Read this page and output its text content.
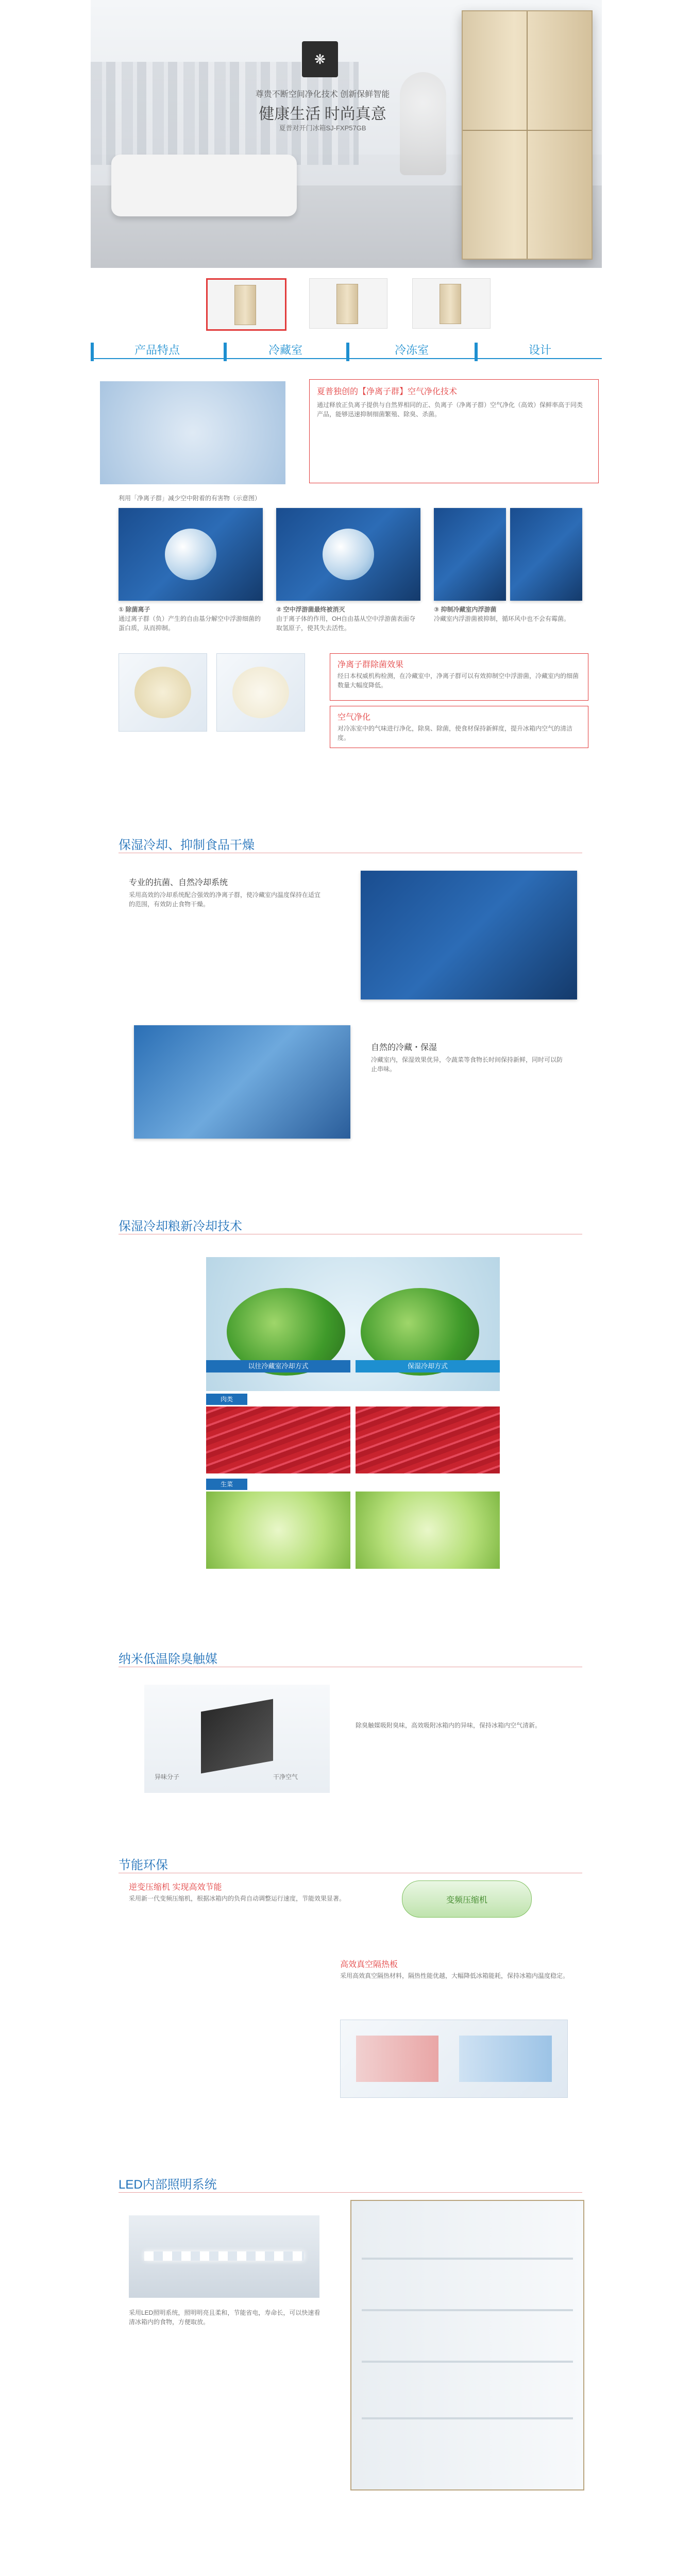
❋
尊贵不断空间净化技术 创新保鲜智能
健康生活 时尚真意
夏普对开门冰箱SJ-FXP57GB
产品特点	冷藏室	冷冻室	设计
夏普独创的【净离子群】空气净化技术
通过释放正负离子提供与自然界相同的正、负离子（净离子群）空气净化（高效）保鲜率高于同类产品，能够迅速抑制细菌繁殖、除臭、杀菌。
利用「净离子群」减少空中附着的有害物（示意图）
① 除菌离子
通过离子群（负）产生的自由基分解空中浮游细菌的蛋白质，从而抑制。
② 空中浮游菌最终被消灭
由于离子体的作用，OH自由基从空中浮游菌表面夺取氢原子，使其失去活性。
③ 抑制冷藏室内浮游菌
冷藏室内浮游菌被抑制，循环风中也不会有霉菌。
净离子群除菌效果
经日本权威机构检测，在冷藏室中，净离子群可以有效抑制空中浮游菌，冷藏室内的细菌数量大幅度降低。
空气净化
对冷冻室中的气味进行净化，除臭、除菌，使食材保持新鲜度，提升冰箱内空气的清洁度。
保湿冷却、抑制食品干燥
专业的抗菌、自然冷却系统
采用高效的冷却系统配合强效的净离子群，使冷藏室内温度保持在适宜的范围，有效防止食物干燥。
自然的冷藏・保湿
冷藏室内，保湿效果优异，令蔬菜等食物长时间保持新鲜，同时可以防止串味。
保湿冷却粮新冷却技术
以往冷藏室冷却方式	保湿冷却方式
肉类
生菜
纳米低温除臭触媒
异味分子	干净空气
除臭触媒吸附臭味，高效吸附冰箱内的异味，保持冰箱内空气清新。
节能环保
逆变压缩机 实现高效节能
采用新一代变频压缩机，根据冰箱内的负荷自动调整运行速度，节能效果显著。	变频压缩机
高效真空隔热板
采用高效真空隔热材料，隔热性能优越，大幅降低冰箱能耗，保持冰箱内温度稳定。
LED内部照明系统
采用LED照明系统，照明明亮且柔和，节能省电，寿命长，可以快速看清冰箱内的食物，方便取放。
